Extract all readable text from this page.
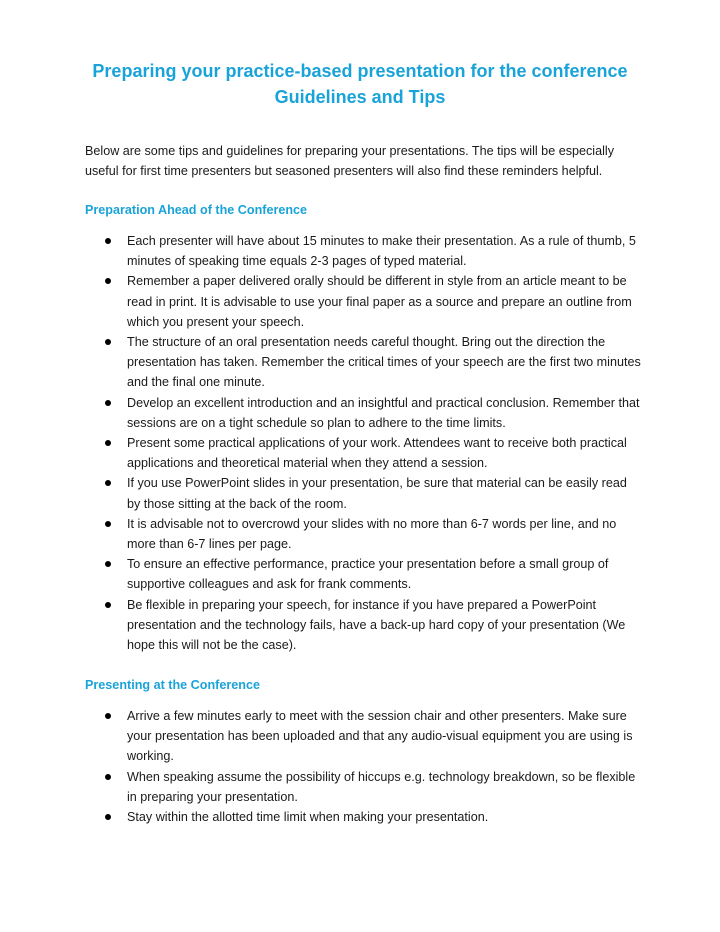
Preparing your practice-based presentation for the conference
Guidelines and Tips
Below are some tips and guidelines for preparing your presentations. The tips will be especially useful for first time presenters but seasoned presenters will also find these reminders helpful.
Preparation Ahead of the Conference
Each presenter will have about 15 minutes to make their presentation. As a rule of thumb, 5 minutes of speaking time equals 2-3 pages of typed material.
Remember a paper delivered orally should be different in style from an article meant to be read in print. It is advisable to use your final paper as a source and prepare an outline from which you present your speech.
The structure of an oral presentation needs careful thought. Bring out the direction the presentation has taken. Remember the critical times of your speech are the first two minutes and the final one minute.
Develop an excellent introduction and an insightful and practical conclusion. Remember that sessions are on a tight schedule so plan to adhere to the time limits.
Present some practical applications of your work. Attendees want to receive both practical applications and theoretical material when they attend a session.
If you use PowerPoint slides in your presentation, be sure that material can be easily read by those sitting at the back of the room.
It is advisable not to overcrowd your slides with no more than 6-7 words per line, and no more than 6-7 lines per page.
To ensure an effective performance, practice your presentation before a small group of supportive colleagues and ask for frank comments.
Be flexible in preparing your speech, for instance if you have prepared a PowerPoint presentation and the technology fails, have a back-up hard copy of your presentation (We hope this will not be the case).
Presenting at the Conference
Arrive a few minutes early to meet with the session chair and other presenters. Make sure your presentation has been uploaded and that any audio-visual equipment you are using is working.
When speaking assume the possibility of hiccups e.g. technology breakdown, so be flexible in preparing your presentation.
Stay within the allotted time limit when making your presentation.
